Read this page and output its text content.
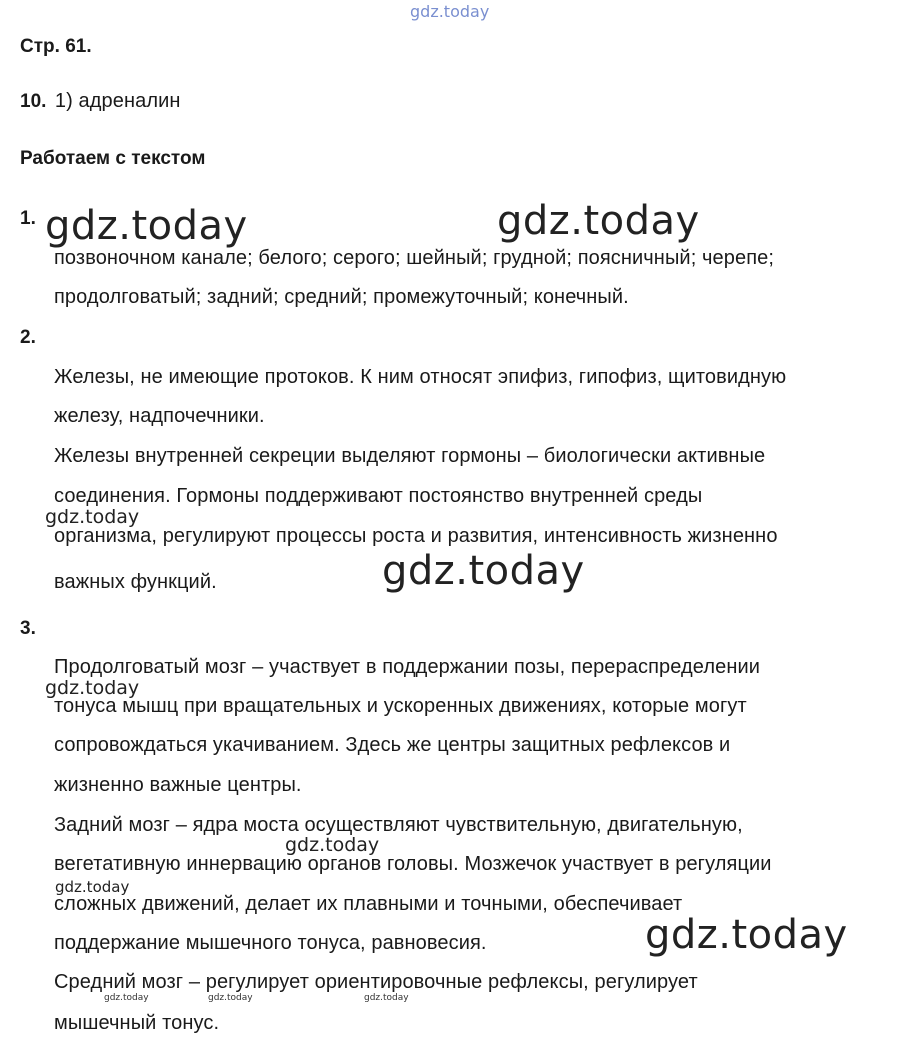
gdz.today
gdz.today	gdz.today
gdz.today
gdz.today
gdz.today
gdz.today
gdz.today
gdz.today
gdz.today	gdz.today	gdz.today
Стр. 61.
10. 1) адреналин
Работаем с текстом
1.
позвоночном канале; белого; серого; шейный; грудной; поясничный; черепе;
продолговатый; задний; средний; промежуточный; конечный.
2.
Железы, не имеющие протоков. К ним относят эпифиз, гипофиз, щитовидную
железу, надпочечники.
Железы внутренней секреции выделяют гормоны – биологически активные
соединения. Гормоны поддерживают постоянство внутренней среды
организма, регулируют процессы роста и развития, интенсивность жизненно
важных функций.
3.
Продолговатый мозг – участвует в поддержании позы, перераспределении
тонуса мышц при вращательных и ускоренных движениях, которые могут
сопровождаться укачиванием. Здесь же центры защитных рефлексов и
жизненно важные центры.
Задний мозг – ядра моста осуществляют чувствительную, двигательную,
вегетативную иннервацию органов головы. Мозжечок участвует в регуляции
сложных движений, делает их плавными и точными, обеспечивает
поддержание мышечного тонуса, равновесия.
Средний мозг – регулирует ориентировочные рефлексы, регулирует
мышечный тонус.
